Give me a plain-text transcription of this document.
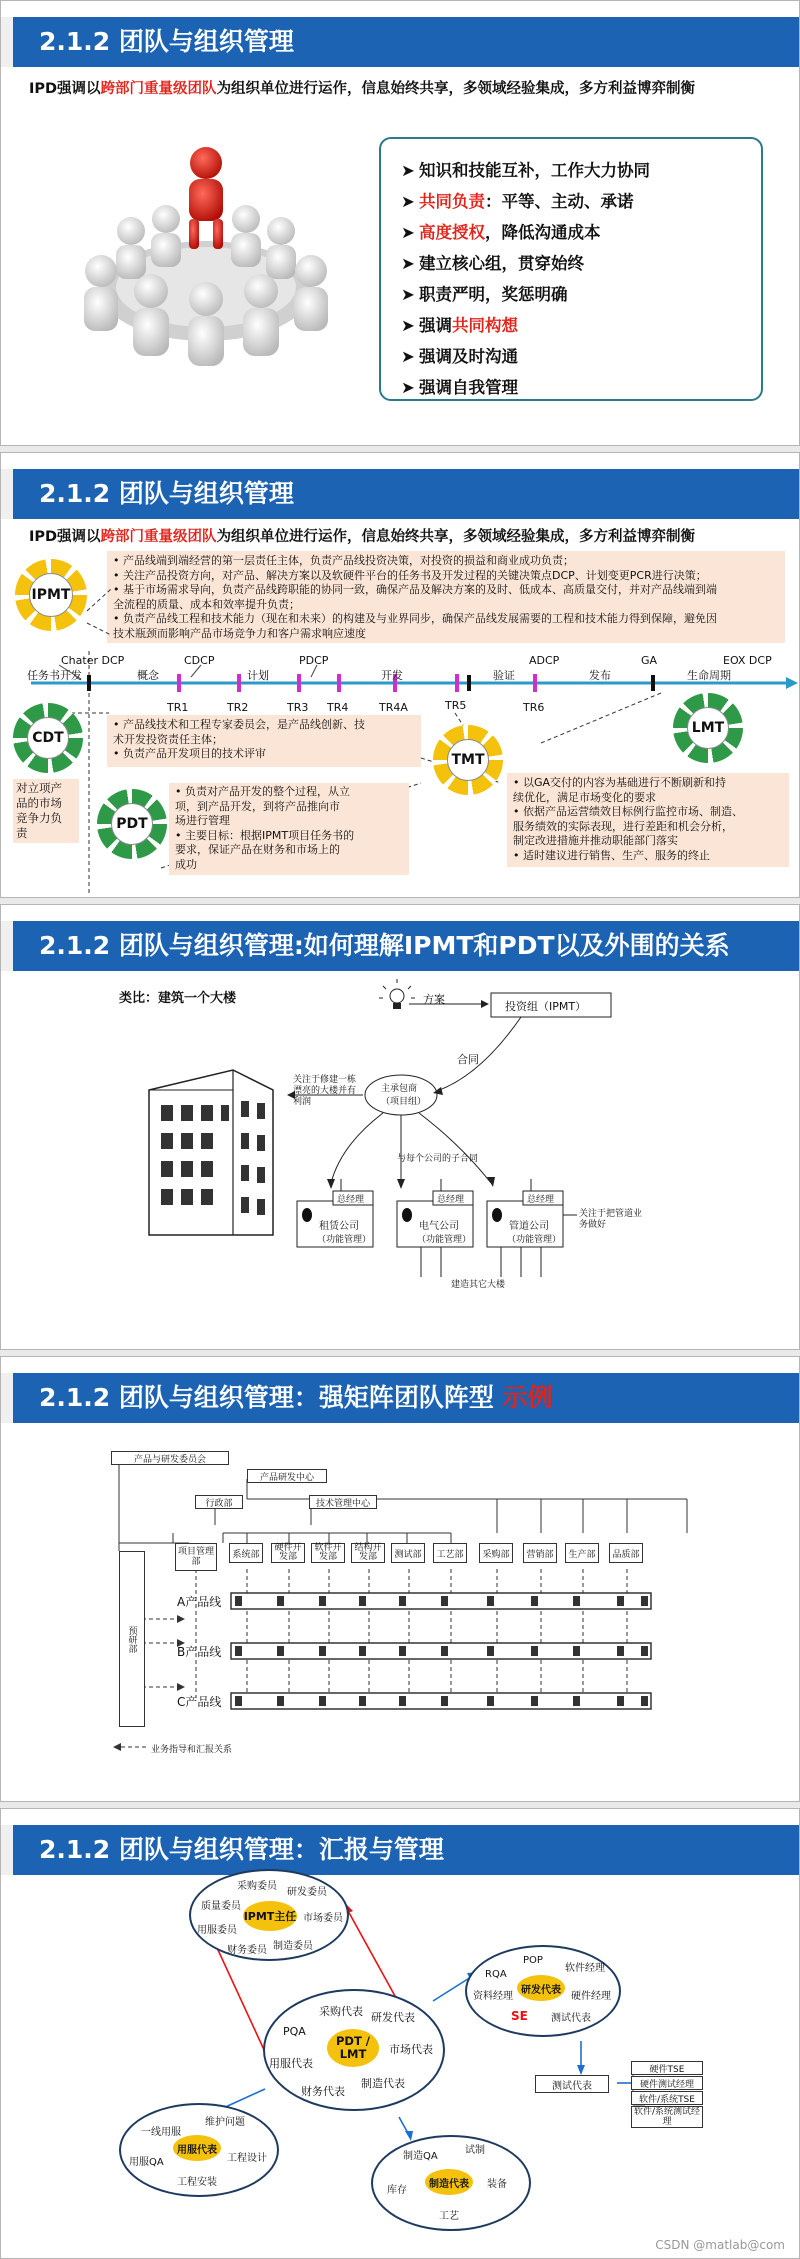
2.1.2 团队与组织管理
IPD强调以跨部门重量级团队为组织单位进行运作，信息始终共享，多领域经验集成，多方利益博弈制衡
➤ 知识和技能互补，工作大力协同
➤ 共同负责：平等、主动、承诺
➤ 高度授权，降低沟通成本
➤ 建立核心组，贯穿始终
➤ 职责严明，奖惩明确
➤ 强调共同构想
➤ 强调及时沟通
➤ 强调自我管理
2.1.2 团队与组织管理
IPD强调以跨部门重量级团队为组织单位进行运作，信息始终共享，多领域经验集成，多方利益博弈制衡
• 产品线端到端经营的第一层责任主体，负责产品线投资决策，对投资的损益和商业成功负责；
• 关注产品投资方向，对产品、解决方案以及软硬件平台的任务书及开发过程的关键决策点DCP、计划变更PCR进行决策；
• 基于市场需求导向，负责产品线跨职能的协同一致，确保产品及解决方案的及时、低成本、高质量交付，并对产品线端到端
全流程的质量、成本和效率提升负责；
• 负责产品线工程和技术能力（现在和未来）的构建及与业界同步，确保产品线发展需要的工程和技术能力得到保障，避免因
技术瓶颈而影响产品市场竞争力和客户需求响应速度
IPMT
Chater DCP	CDCP	PDCP	ADCP	GA	EOX DCP
任务书开发	概念	计划	开发	验证	发布	生命周期
TR1	TR2	TR3 TR4	TR4A	TR5	TR6
CDT
对立项产
品的市场
竞争力负
责
• 产品线技术和工程专家委员会，是产品线创新、技
术开发投资责任主体；
• 负责产品开发项目的技术评审	TMT
PDT
• 负责对产品开发的整个过程，从立
项，到产品开发，到将产品推向市
场进行管理
• 主要目标：根据IPMT项目任务书的
要求，保证产品在财务和市场上的
成功
LMT
• 以GA交付的内容为基础进行不断刷新和持
续优化，满足市场变化的要求
• 依据产品运营绩效目标例行监控市场、制造、
服务绩效的实际表现，进行差距和机会分析，
制定改进措施并推动职能部门落实
• 适时建议进行销售、生产、服务的终止
2.1.2 团队与组织管理:如何理解IPMT和PDT以及外围的关系
类比：建筑一个大楼	方案
投资组（IPMT）
合同
主承包商
（项目组）
关注于修建一栋漂亮的大楼并有利润
与每个公司的子合同
总经理
租赁公司
（功能管理）
总经理
电气公司
（功能管理）
总经理
管道公司
（功能管理）
关注于把管道业务做好
建造其它大楼
2.1.2 团队与组织管理：强矩阵团队阵型 示例
产品与研发委员会
产品研发中心
行政部	技术管理中心
项目管理部
系统部
硬件开发部
软件开发部
结构开发部	测试部	工艺部	采购部	营销部	生产部	品质部
预研部
A产品线
B产品线
C产品线
业务指导和汇报关系
2.1.2 团队与组织管理：汇报与管理
IPMT主任
采购委员
研发委员
质量委员
市场委员
用服委员
财务委员 制造委员
PDT / LMT
采购代表 研发代表
PQA
市场代表
用服代表
财务代表
制造代表
研发代表
POP
RQA
软件经理
资料经理	硬件经理
测试代表
SE
用服代表
一线用服
维护问题
用服QA	工程设计
工程安装	制造代表
制造QA
试制
库存
装备
工艺
测试代表
硬件TSE
硬件测试经理
软件/系统TSE
软件/系统测试经理
CSDN @matlab@com
